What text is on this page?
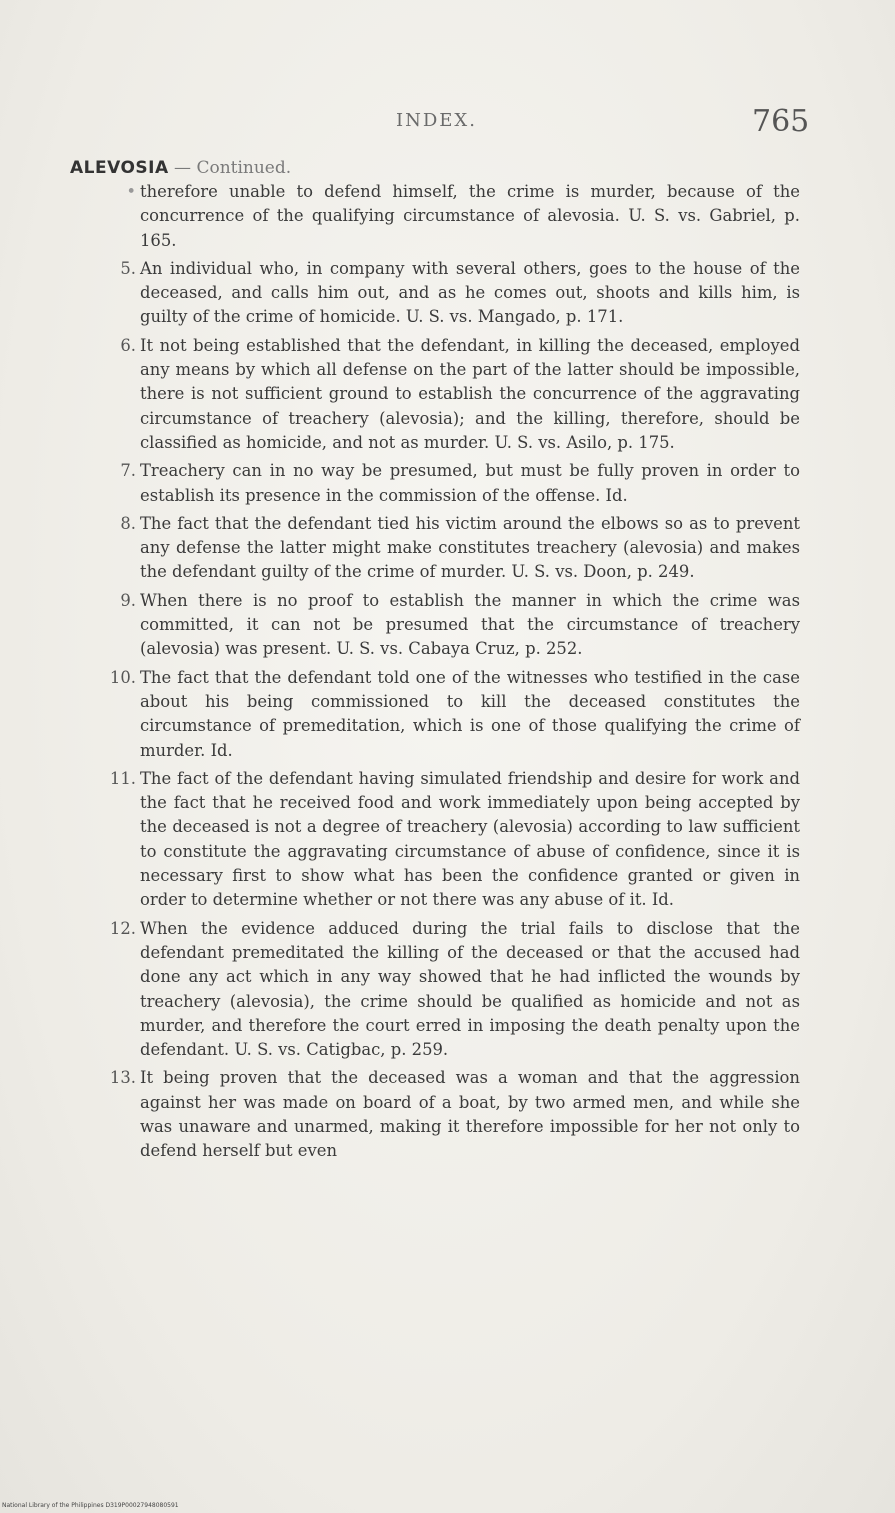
INDEX.	765
ALEVOSIA — Continued.

• therefore unable to defend himself, the crime is murder, because of the concurrence of the qualifying circumstance of alevosia. U. S. vs. Gabriel, p. 165.

5. An individual who, in company with several others, goes to the house of the deceased, and calls him out, and as he comes out, shoots and kills him, is guilty of the crime of homicide. U. S. vs. Mangado, p. 171.

6. It not being established that the defendant, in killing the deceased, employed any means by which all defense on the part of the latter should be impossible, there is not sufficient ground to establish the concurrence of the aggravating circumstance of treachery (alevosia); and the killing, therefore, should be classified as homicide, and not as murder. U. S. vs. Asilo, p. 175.

7. Treachery can in no way be presumed, but must be fully proven in order to establish its presence in the commission of the offense. Id.

8. The fact that the defendant tied his victim around the elbows so as to prevent any defense the latter might make constitutes treachery (alevosia) and makes the defendant guilty of the crime of murder. U. S. vs. Doon, p. 249.

9. When there is no proof to establish the manner in which the crime was committed, it can not be presumed that the circumstance of treachery (alevosia) was present. U. S. vs. Cabaya Cruz, p. 252.

10. The fact that the defendant told one of the witnesses who testified in the case about his being commissioned to kill the deceased constitutes the circumstance of premeditation, which is one of those qualifying the crime of murder. Id.

11. The fact of the defendant having simulated friendship and desire for work and the fact that he received food and work immediately upon being accepted by the deceased is not a degree of treachery (alevosia) according to law sufficient to constitute the aggravating circumstance of abuse of confidence, since it is necessary first to show what has been the confidence granted or given in order to determine whether or not there was any abuse of it. Id.

12. When the evidence adduced during the trial fails to disclose that the defendant premeditated the killing of the deceased or that the accused had done any act which in any way showed that he had inflicted the wounds by treachery (alevosia), the crime should be qualified as homicide and not as murder, and therefore the court erred in imposing the death penalty upon the defendant. U. S. vs. Catigbac, p. 259.

13. It being proven that the deceased was a woman and that the aggression against her was made on board of a boat, by two armed men, and while she was unaware and unarmed, making it therefore impossible for her not only to defend herself but even

National Library of the Philippines D319P00027948080591
